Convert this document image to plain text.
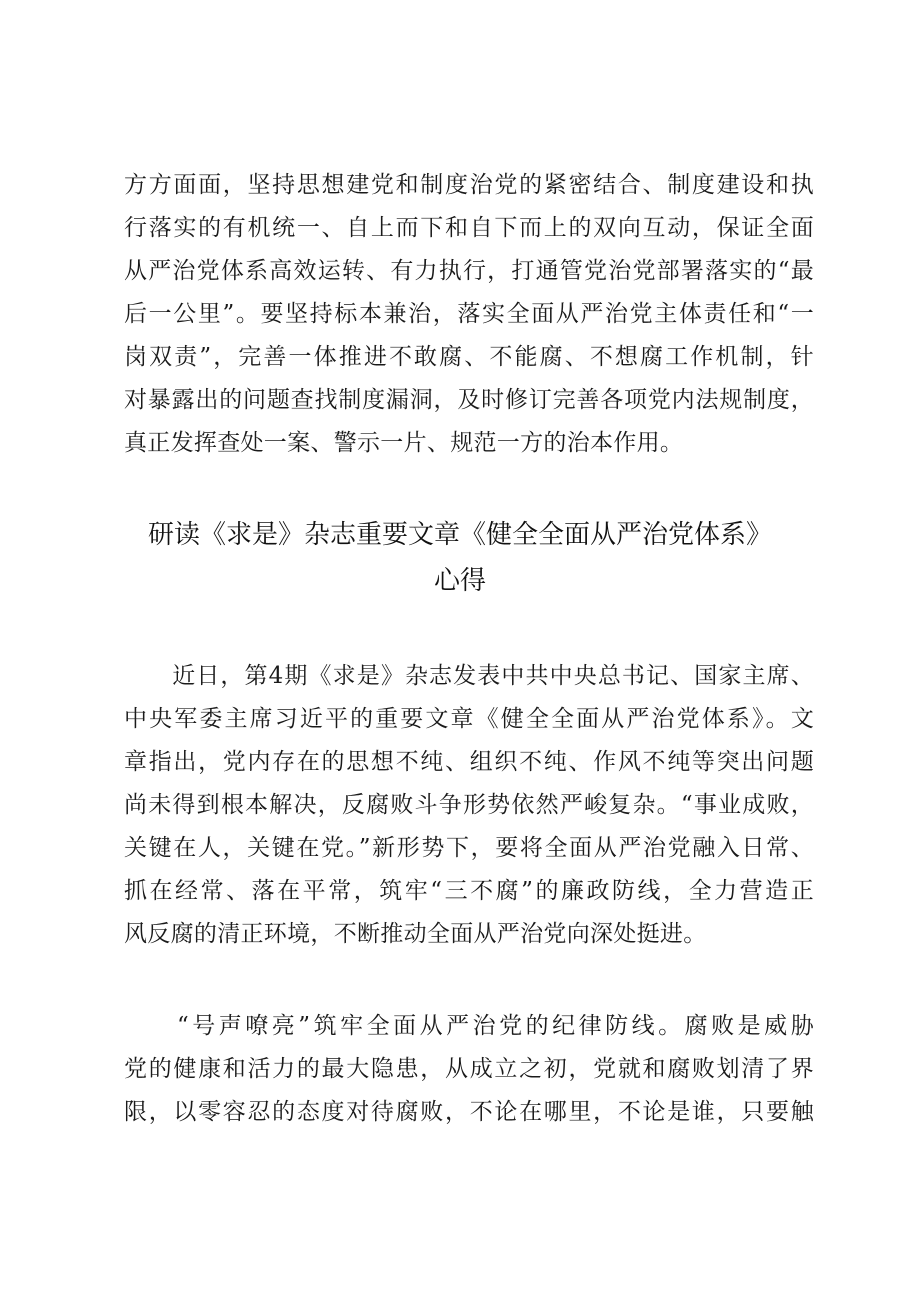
方方面面，坚持思想建党和制度治党的紧密结合、制度建设和执
行落实的有机统一、自上而下和自下而上的双向互动，保证全面
从严治党体系高效运转、有力执行，打通管党治党部署落实的“最
后一公里”。要坚持标本兼治，落实全面从严治党主体责任和“一
岗双责”，完善一体推进不敢腐、不能腐、不想腐工作机制，针
对暴露出的问题查找制度漏洞，及时修订完善各项党内法规制度，
真正发挥查处一案、警示一片、规范一方的治本作用。

研读《求是》杂志重要文章《健全全面从严治党体系》
心得

　　近日，第4期《求是》杂志发表中共中央总书记、国家主席、
中央军委主席习近平的重要文章《健全全面从严治党体系》。文
章指出，党内存在的思想不纯、组织不纯、作风不纯等突出问题
尚未得到根本解决，反腐败斗争形势依然严峻复杂。“事业成败，
关键在人，关键在党。”新形势下，要将全面从严治党融入日常、
抓在经常、落在平常，筑牢“三不腐”的廉政防线，全力营造正
风反腐的清正环境，不断推动全面从严治党向深处挺进。

　　“号声嘹亮”筑牢全面从严治党的纪律防线。腐败是威胁
党的健康和活力的最大隐患，从成立之初，党就和腐败划清了界
限，以零容忍的态度对待腐败，不论在哪里，不论是谁，只要触
